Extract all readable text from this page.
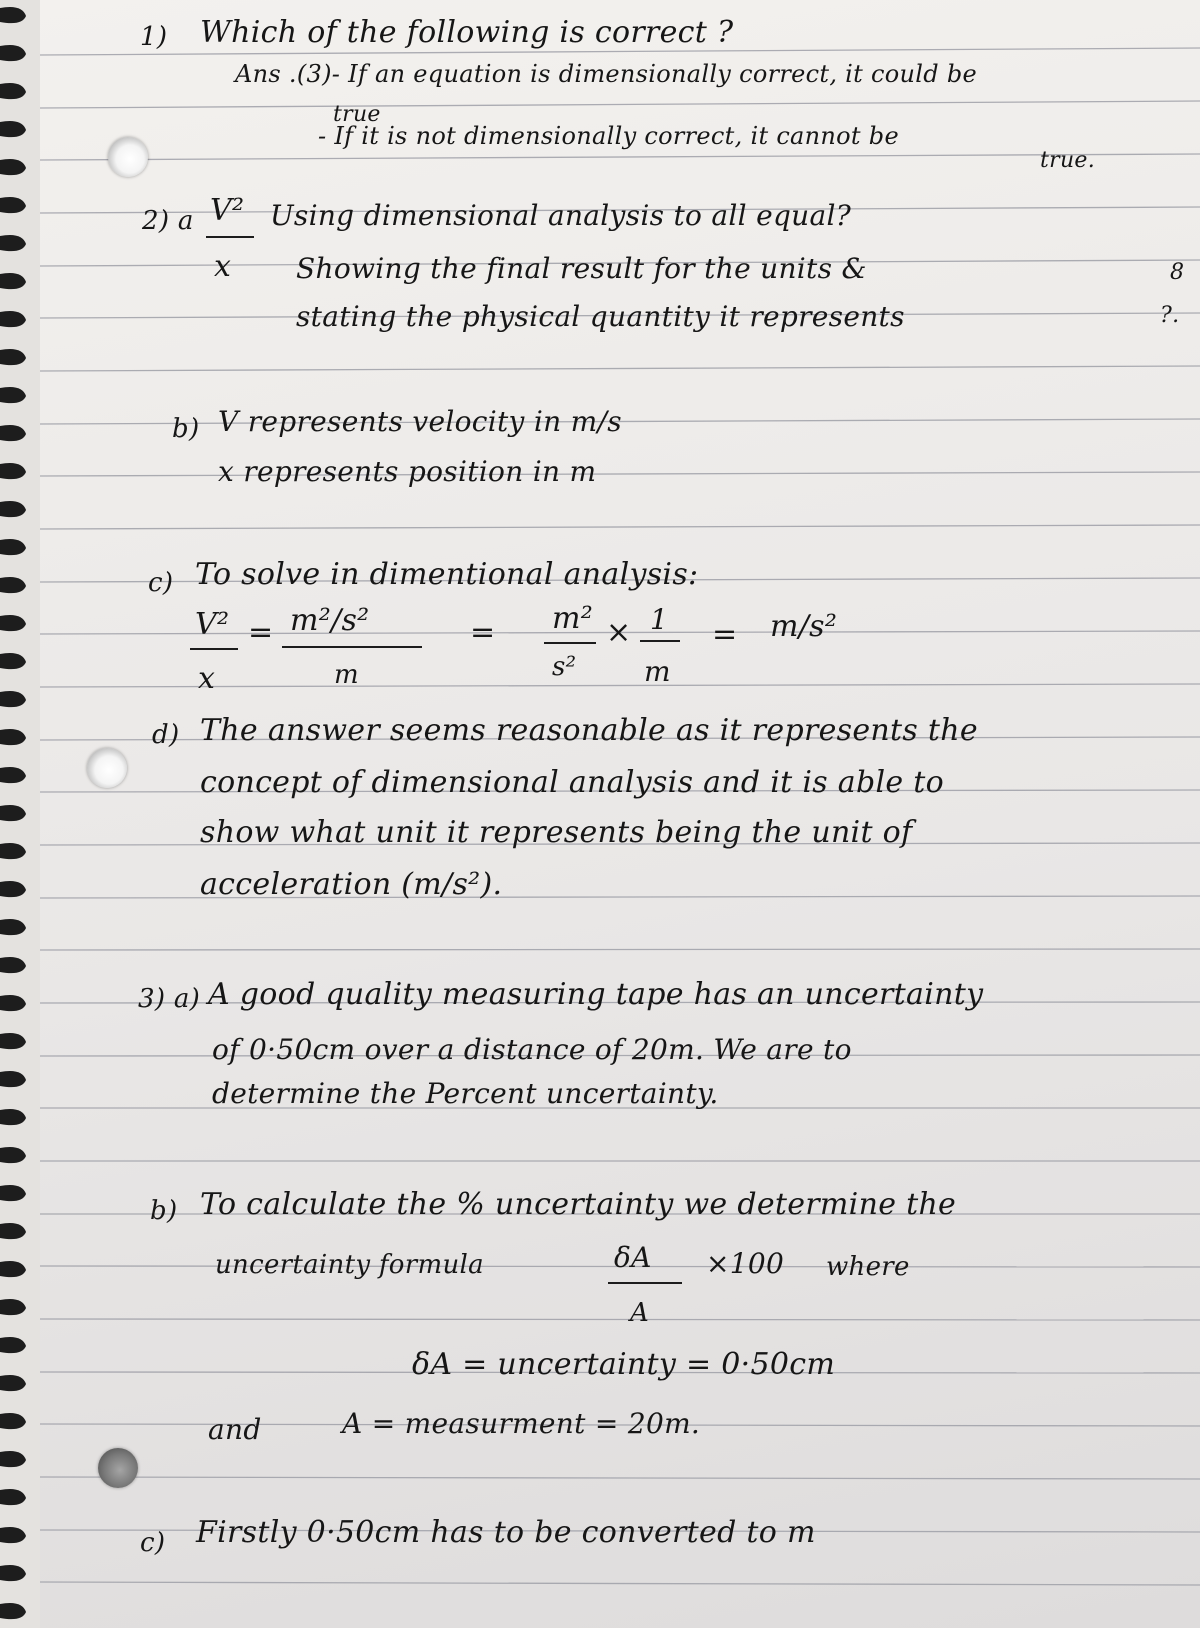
1) Which of the following is correct ?
Ans .(3)- If an equation is dimensionally correct, it could be
true
- If it is not dimensionally correct, it cannot be
true.
2) a V²
x
Using dimensional analysis to all equal?
Showing the final result for the units &
stating the physical quantity it represents
b) V represents velocity in m/s
x represents position in m
c) To solve in dimentional analysis:
V²
x
= m²/s²
m
= m²
s²
× 1
m
= m/s²
d) The answer seems reasonable as it represents the
concept of dimensional analysis and it is able to
show what unit it represents being the unit of
acceleration (m/s²).
3) a) A good quality measuring tape has an uncertainty
of 0·50cm over a distance of 20m. We are to
determine the Percent uncertainty.
b) To calculate the % uncertainty we determine the
uncertainty formula	δA ×100
A
where
δA = uncertainty = 0·50cm
and	A = measurment = 20m.
c) Firstly 0·50cm has to be converted to m
8
?.
